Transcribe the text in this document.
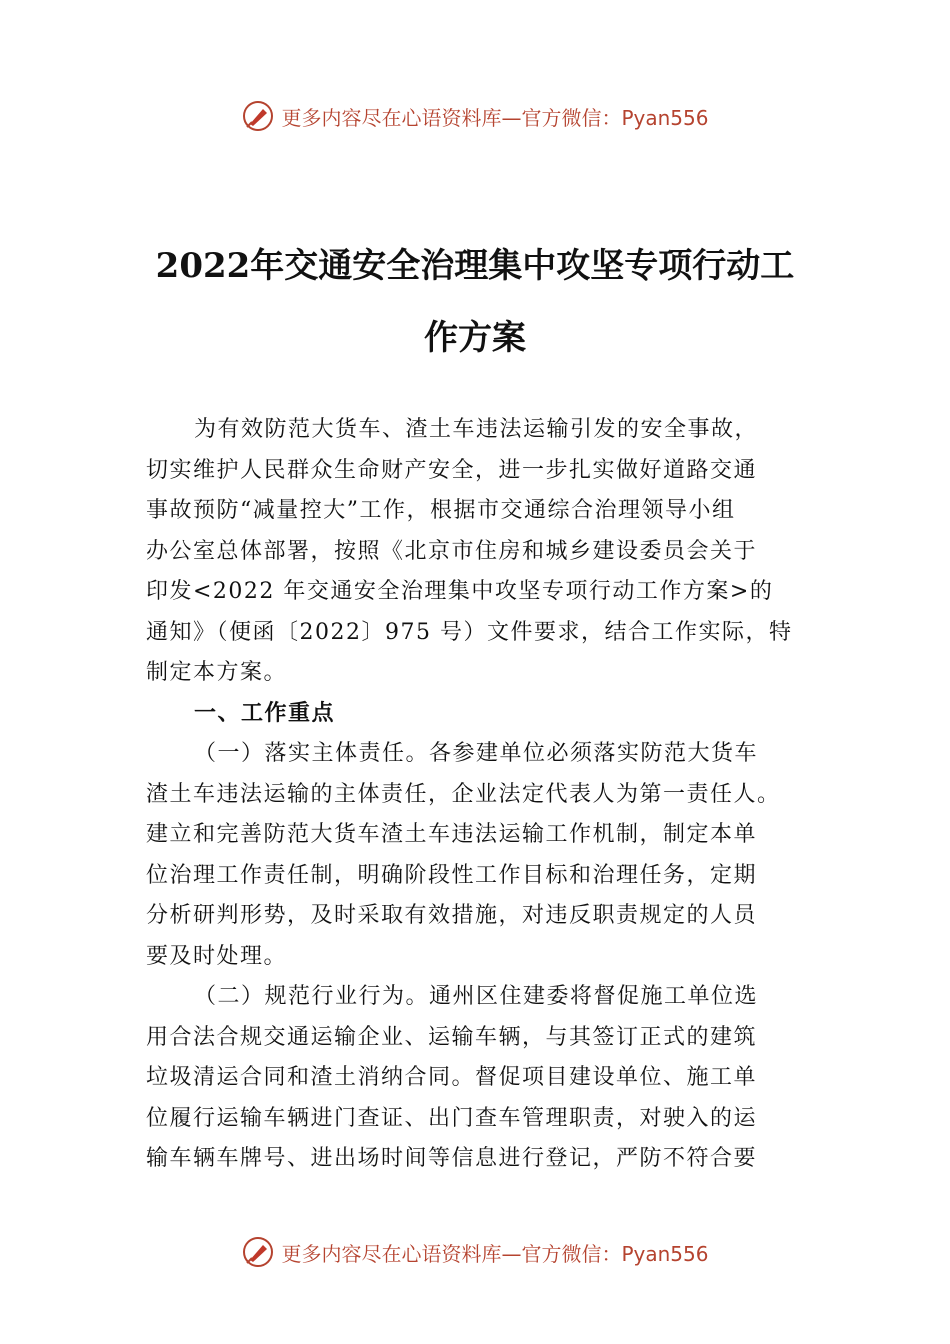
更多内容尽在心语资料库—官方微信：Pyan556
2022年交通安全治理集中攻坚专项行动工
作方案
为有效防范大货车、渣土车违法运输引发的安全事故，
切实维护人民群众生命财产安全，进一步扎实做好道路交通
事故预防“减量控大”工作，根据市交通综合治理领导小组
办公室总体部署，按照《北京市住房和城乡建设委员会关于
印发<2022 年交通安全治理集中攻坚专项行动工作方案>的
通知》（便函〔2022〕975 号）文件要求，结合工作实际，特
制定本方案。
一、工作重点
（一）落实主体责任。各参建单位必须落实防范大货车
渣土车违法运输的主体责任，企业法定代表人为第一责任人。
建立和完善防范大货车渣土车违法运输工作机制，制定本单
位治理工作责任制，明确阶段性工作目标和治理任务，定期
分析研判形势，及时采取有效措施，对违反职责规定的人员
要及时处理。
（二）规范行业行为。通州区住建委将督促施工单位选
用合法合规交通运输企业、运输车辆，与其签订正式的建筑
垃圾清运合同和渣土消纳合同。督促项目建设单位、施工单
位履行运输车辆进门查证、出门查车管理职责，对驶入的运
输车辆车牌号、进出场时间等信息进行登记，严防不符合要
更多内容尽在心语资料库—官方微信：Pyan556
